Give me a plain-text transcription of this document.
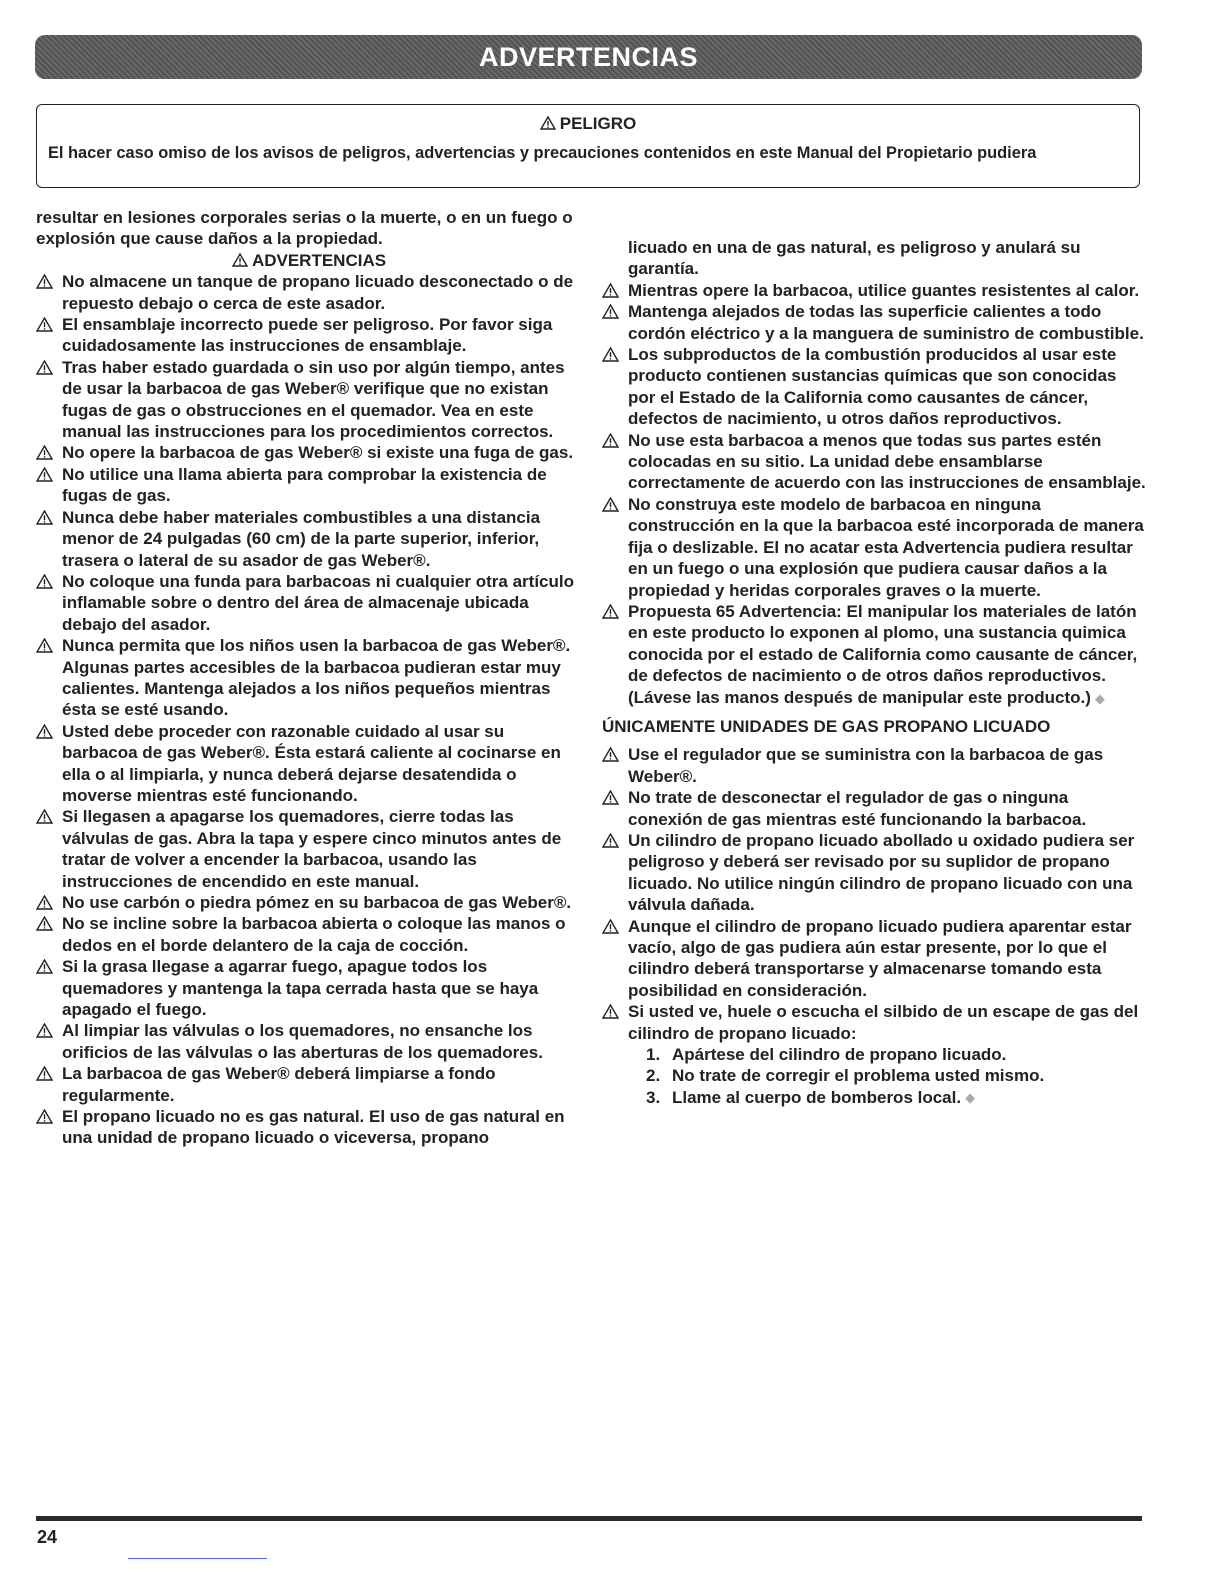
ADVERTENCIAS
PELIGRO
El hacer caso omiso de los avisos de peligros, advertencias y precauciones contenidos en este Manual del Propietario pudiera

resultar en lesiones corporales serias o la muerte, o en un fuego o explosión que cause daños a la propiedad.

ADVERTENCIAS

No almacene un tanque de propano licuado desconectado o de repuesto debajo o cerca de este asador.
El ensamblaje incorrecto puede ser peligroso. Por favor siga cuidadosamente las instrucciones de ensamblaje.
Tras haber estado guardada o sin uso por algún tiempo, antes de usar la barbacoa de gas Weber® verifique que no existan fugas de gas o obstrucciones en el quemador. Vea en este manual las instrucciones para los procedimientos correctos.
No opere la barbacoa de gas Weber® si existe una fuga de gas.
No utilice una llama abierta para comprobar la existencia de fugas de gas.
Nunca debe haber materiales combustibles a una distancia menor de 24 pulgadas (60 cm) de la parte superior, inferior, trasera o lateral de su asador de gas Weber®.
No coloque una funda para barbacoas ni cualquier otra artículo inflamable sobre o dentro del área de almacenaje ubicada debajo del asador.
Nunca permita que los niños usen la barbacoa de gas Weber®. Algunas partes accesibles de la barbacoa pudieran estar muy calientes. Mantenga alejados a los niños pequeños mientras ésta se esté usando.
Usted debe proceder con razonable cuidado al usar su barbacoa de gas Weber®. Ésta estará caliente al cocinarse en ella o al limpiarla, y nunca deberá dejarse desatendida o moverse mientras esté funcionando.
Si llegasen a apagarse los quemadores, cierre todas las válvulas de gas. Abra la tapa y espere cinco minutos antes de tratar de volver a encender la barbacoa, usando las instrucciones de encendido en este manual.
No use carbón o piedra pómez en su barbacoa de gas Weber®.
No se incline sobre la barbacoa abierta o coloque las manos o dedos en el borde delantero de la caja de cocción.
Si la grasa llegase a agarrar fuego, apague todos los quemadores y mantenga la tapa cerrada hasta que se haya apagado el fuego.
Al limpiar las válvulas o los quemadores, no ensanche los orificios de las válvulas o las aberturas de los quemadores.
La barbacoa de gas Weber® deberá limpiarse a fondo regularmente.
El propano licuado no es gas natural. El uso de gas natural en una unidad de propano licuado o viceversa, propano

licuado en una de gas natural, es peligroso y anulará su garantía.

Mientras opere la barbacoa, utilice guantes resistentes al calor.
Mantenga alejados de todas las superficie calientes a todo cordón eléctrico y a la manguera de suministro de combustible.
Los subproductos de la combustión producidos al usar este producto contienen sustancias químicas que son conocidas por el Estado de la California como causantes de cáncer, defectos de nacimiento, u otros daños reproductivos.
No use esta barbacoa a menos que todas sus partes estén colocadas en su sitio. La unidad debe ensamblarse correctamente de acuerdo con las instrucciones de ensamblaje.
No construya este modelo de barbacoa en ninguna construcción en la que la barbacoa esté incorporada de manera fija o deslizable. El no acatar esta Advertencia pudiera resultar en un fuego o una explosión que pudiera causar daños a la propiedad y heridas corporales graves o la muerte.
Propuesta 65 Advertencia: El manipular los materiales de latón en este producto lo exponen al plomo, una sustancia quimica conocida por el estado de California como causante de cáncer, de defectos de nacimiento o de otros daños reproductivos.

(Lávese las manos después de manipular este producto.) ◆

ÚNICAMENTE UNIDADES DE GAS PROPANO LICUADO

Use el regulador que se suministra con la barbacoa de gas Weber®.
No trate de desconectar el regulador de gas o ninguna conexión de gas mientras esté funcionando la barbacoa.
Un cilindro de propano licuado abollado u oxidado pudiera ser peligroso y deberá ser revisado por su suplidor de propano licuado. No utilice ningún cilindro de propano licuado con una válvula dañada.
Aunque el cilindro de propano licuado pudiera aparentar estar vacío, algo de gas pudiera aún estar presente, por lo que el cilindro deberá transportarse y almacenarse tomando esta posibilidad en consideración.
Si usted ve, huele o escucha el silbido de un escape de gas del cilindro de propano licuado:
1. Apártese del cilindro de propano licuado.
2. No trate de corregir el problema usted mismo.
3. Llame al cuerpo de bomberos local. ◆
24
